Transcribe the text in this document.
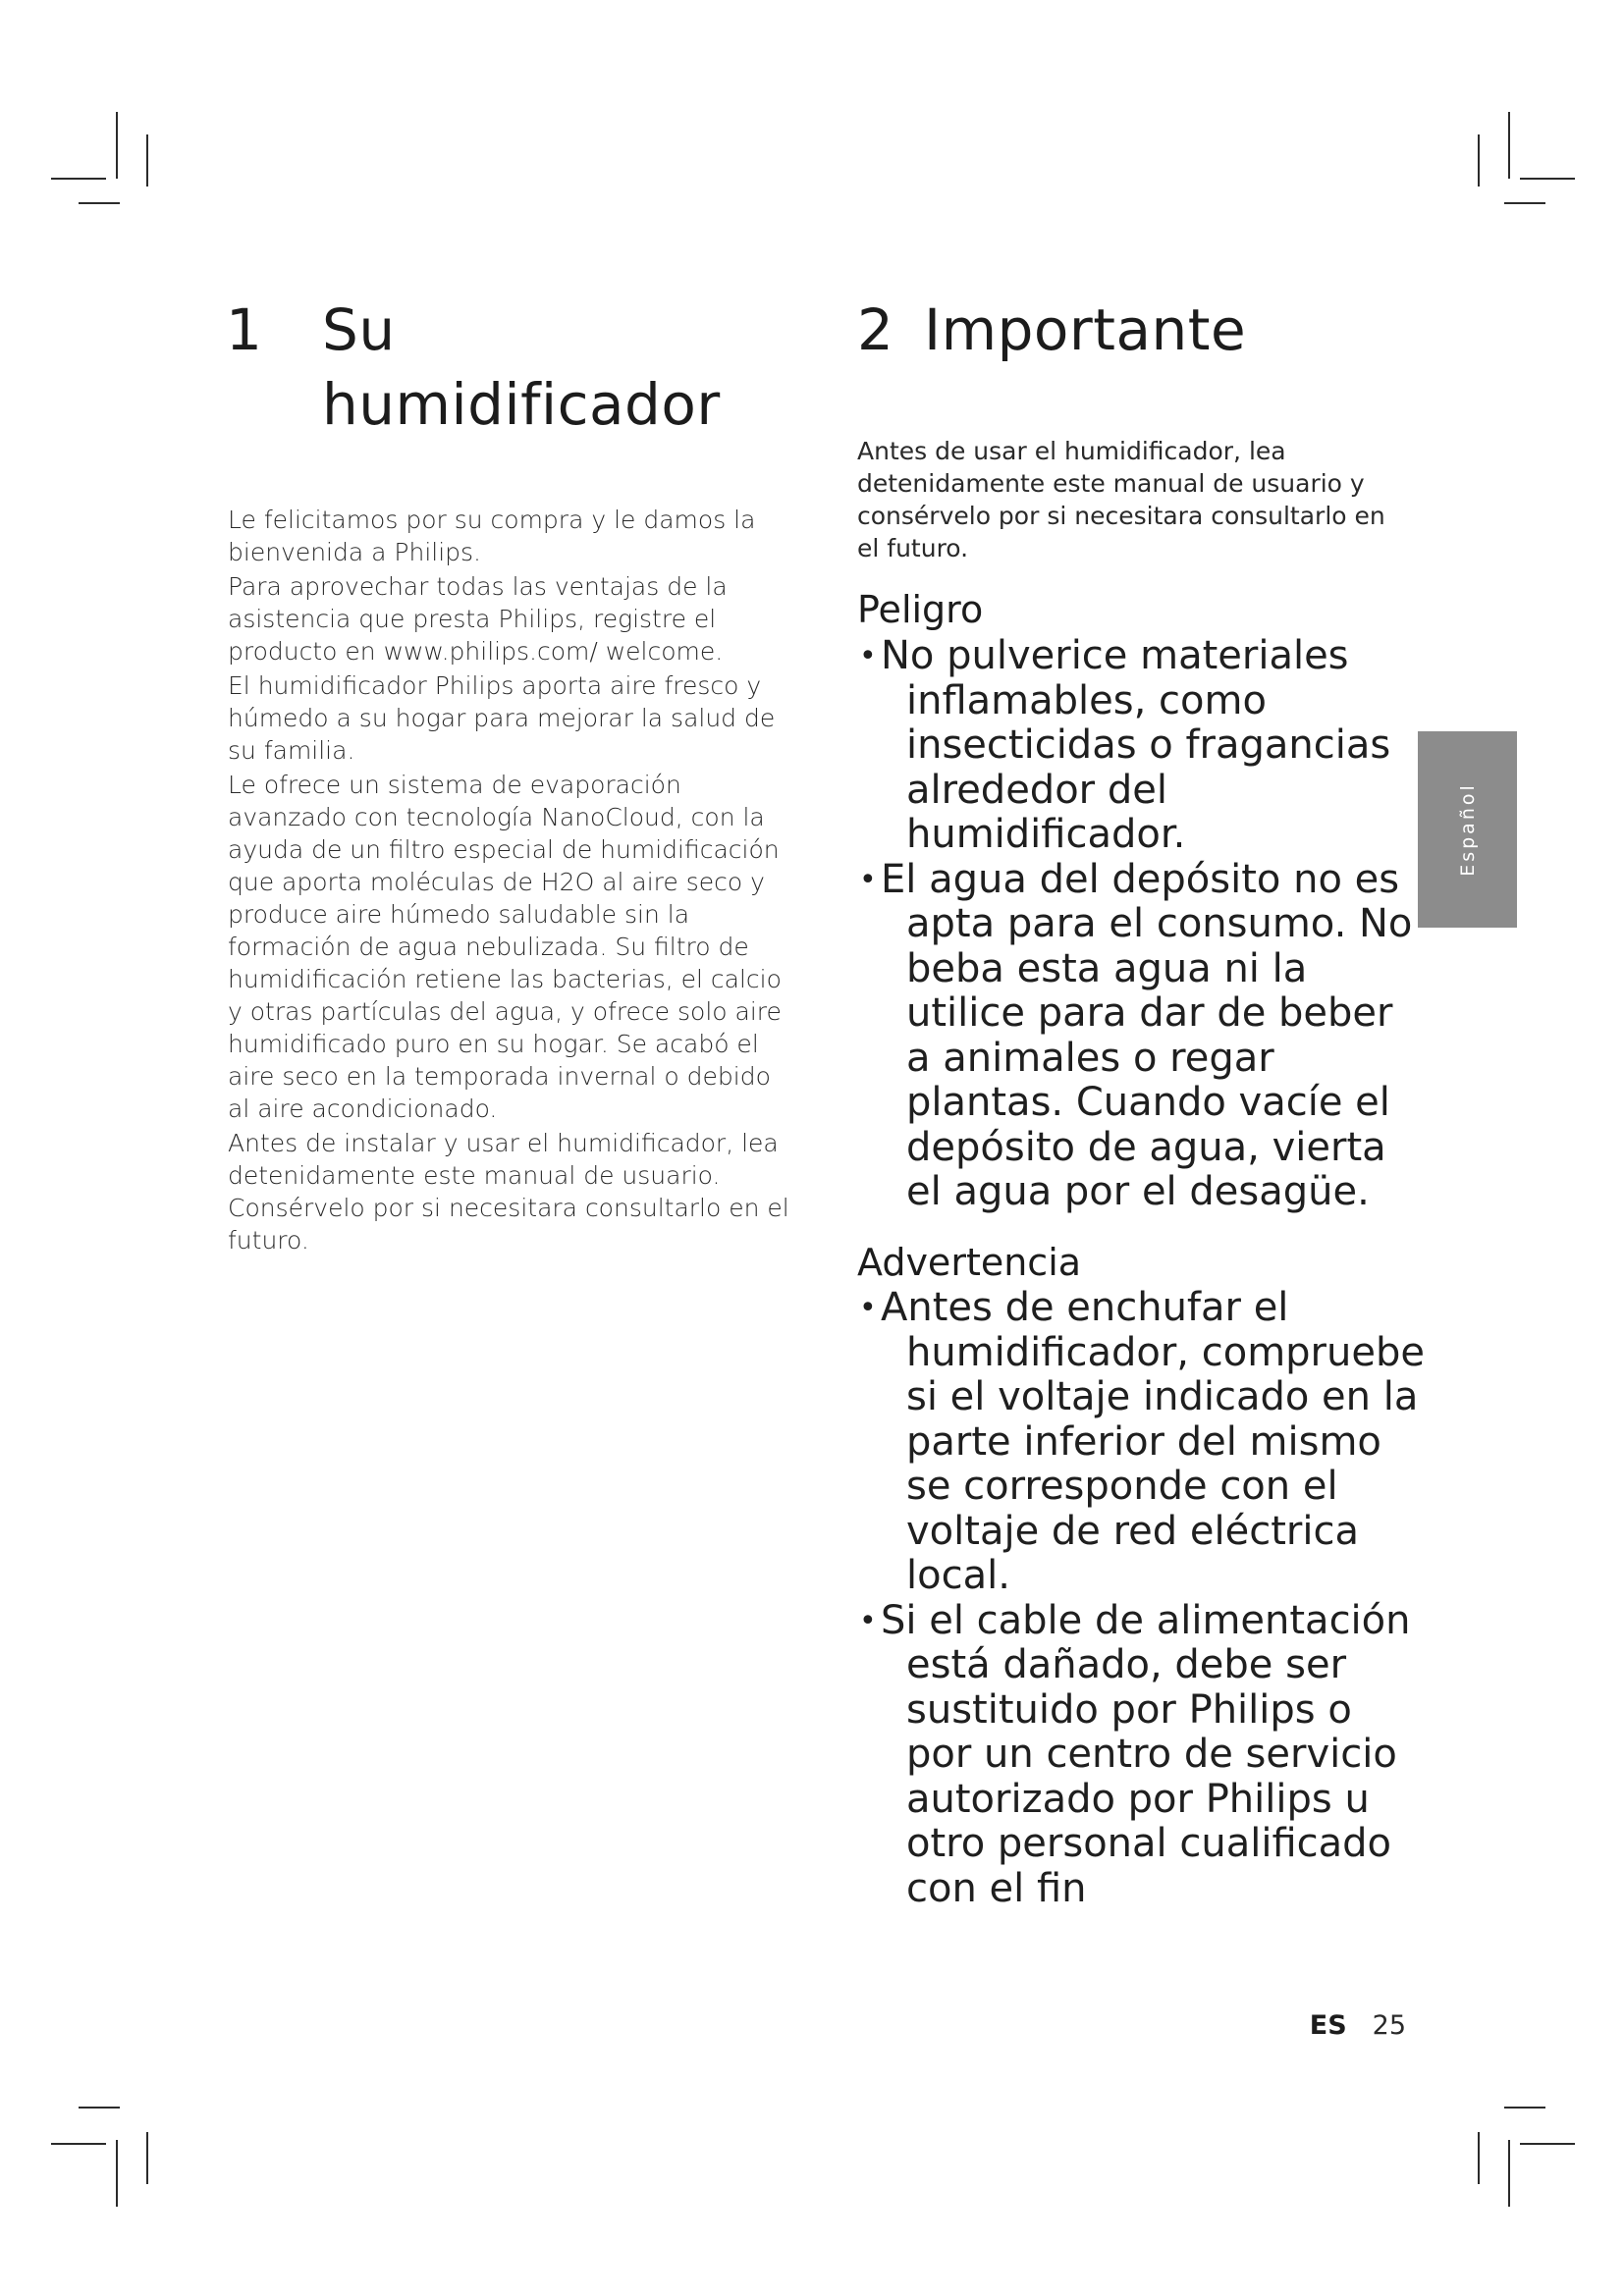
1 Su
humidificador

Le felicitamos por su compra y le damos la bienvenida a Philips.

Para aprovechar todas las ventajas de la asistencia que presta Philips, registre el producto en www.philips.com/ welcome.

El humidificador Philips aporta aire fresco y húmedo a su hogar para mejorar la salud de su familia.

Le ofrece un sistema de evaporación avanzado con tecnología NanoCloud, con la ayuda de un filtro especial de humidificación que aporta moléculas de H2O al aire seco y produce aire húmedo saludable sin la formación de agua nebulizada. Su filtro de humidificación retiene las bacterias, el calcio y otras partículas del agua, y ofrece solo aire humidificado puro en su hogar. Se acabó el aire seco en la temporada invernal o debido al aire acondicionado.

Antes de instalar y usar el humidificador, lea detenidamente este manual de usuario. Consérvelo por si necesitara consultarlo en el futuro.

2 Importante

Antes de usar el humidificador, lea detenidamente este manual de usuario y consérvelo por si necesitara consultarlo en el futuro.

Peligro
• No pulverice materiales inflamables, como insecticidas o fragancias alrededor del humidificador.
• El agua del depósito no es apta para el consumo. No beba esta agua ni la utilice para dar de beber a animales o regar plantas. Cuando vacíe el depósito de agua, vierta el agua por el desagüe.
Advertencia
• Antes de enchufar el humidificador, compruebe si el voltaje indicado en la parte inferior del mismo se corresponde con el voltaje de red eléctrica local.
• Si el cable de alimentación está dañado, debe ser sustituido por Philips o por un centro de servicio autorizado por Philips u otro personal cualificado con el fin
Español
ES 25
